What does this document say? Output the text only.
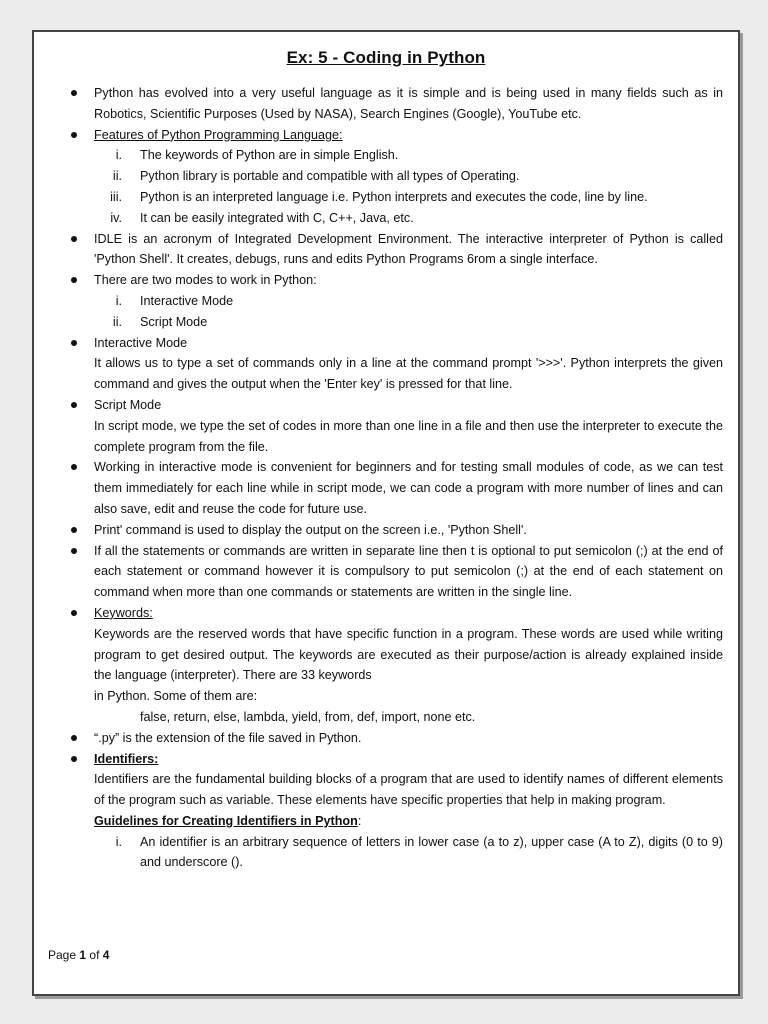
Ex: 5 - Coding in Python
Python has evolved into a very useful language as it is simple and is being used in many fields such as in Robotics, Scientific Purposes (Used by NASA), Search Engines (Google), YouTube etc.
Features of Python Programming Language:
i. The keywords of Python are in simple English.
ii. Python library is portable and compatible with all types of Operating.
iii. Python is an interpreted language i.e. Python interprets and executes the code, line by line.
iv. It can be easily integrated with C, C++, Java, etc.
IDLE is an acronym of Integrated Development Environment. The interactive interpreter of Python is called 'Python Shell'. It creates, debugs, runs and edits Python Programs 6rom a single interface.
There are two modes to work in Python:
i. Interactive Mode
ii. Script Mode
Interactive Mode
It allows us to type a set of commands only in a line at the command prompt '>>>'. Python interprets the given command and gives the output when the 'Enter key' is pressed for that line.
Script Mode
In script mode, we type the set of codes in more than one line in a file and then use the interpreter to execute the complete program from the file.
Working in interactive mode is convenient for beginners and for testing small modules of code, as we can test them immediately for each line while in script mode, we can code a program with more number of lines and can also save, edit and reuse the code for future use.
Print' command is used to display the output on the screen i.e., 'Python Shell'.
If all the statements or commands are written in separate line then t is optional to put semicolon (;) at the end of each statement or command however it is compulsory to put semicolon (;) at the end of each statement on command when more than one commands or statements are written in the single line.
Keywords:
Keywords are the reserved words that have specific function in a program. These words are used while writing program to get desired output. The keywords are executed as their purpose/action is already explained inside the language (interpreter). There are 33 keywords
in Python. Some of them are:
false, return, else, lambda, yield, from, def, import, none etc.
“.py” is the extension of the file saved in Python.
Identifiers:
Identifiers are the fundamental building blocks of a program that are used to identify names of different elements of the program such as variable. These elements have specific properties that help in making program.
Guidelines for Creating Identifiers in Python:
i. An identifier is an arbitrary sequence of letters in lower case (a to z), upper case (A to Z), digits (0 to 9) and underscore ().
Page 1 of 4
